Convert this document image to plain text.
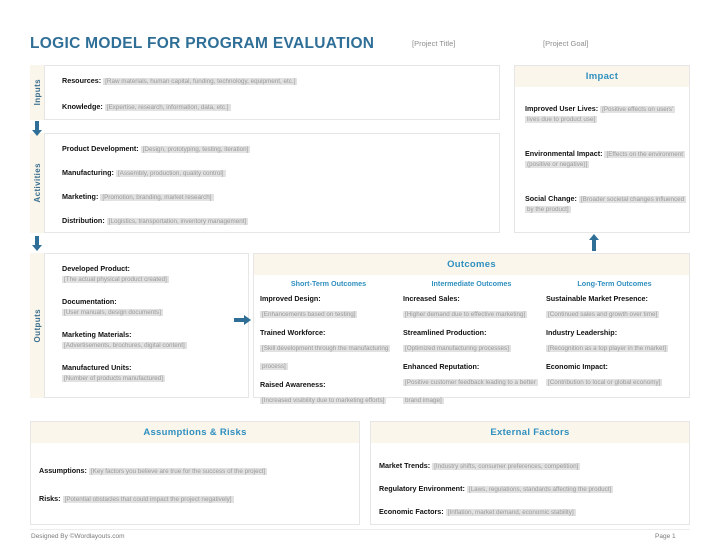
LOGIC MODEL FOR PROGRAM EVALUATION	[Project Title]	[Project Goal]
Inputs
Activities
Outputs
Resources: [Raw materials, human capital, funding, technology, equipment, etc.]
Knowledge: [Expertise, research, information, data, etc.]
Product Development: [Design, prototyping, testing, iteration]
Manufacturing: [Assembly, production, quality control]
Marketing: [Promotion, branding, market research]
Distribution: [Logistics, transportation, inventory management]
Developed Product:
[The actual physical product created]
Documentation:
[User manuals, design documents]
Marketing Materials:
[Advertisements, brochures, digital content]
Manufactured Units:
[Number of products manufactured]
Outcomes
Short-Term Outcomes
Improved Design:
[Enhancements based on testing]
Trained Workforce:
[Skill development through the manufacturing process]
Raised Awareness:
[Increased visibility due to marketing efforts]
Intermediate Outcomes
Increased Sales:
[Higher demand due to effective marketing]
Streamlined Production:
[Optimized manufacturing processes]
Enhanced Reputation:
[Positive customer feedback leading to a better brand image]
Long-Term Outcomes
Sustainable Market Presence:
[Continued sales and growth over time]
Industry Leadership:
[Recognition as a top player in the market]
Economic Impact:
[Contribution to local or global economy]
Impact
Improved User Lives: [Positive effects on users' lives due to product use]
Environmental Impact: [Effects on the environment (positive or negative)]
Social Change: [Broader societal changes influenced by the product]
Assumptions & Risks
Assumptions: [Key factors you believe are true for the success of the project]
Risks: [Potential obstacles that could impact the project negatively]
External Factors
Market Trends: [Industry shifts, consumer preferences, competition]
Regulatory Environment: [Laws, regulations, standards affecting the product]
Economic Factors: [Inflation, market demand, economic stability]
Designed By ©Wordlayouts.com	Page 1
